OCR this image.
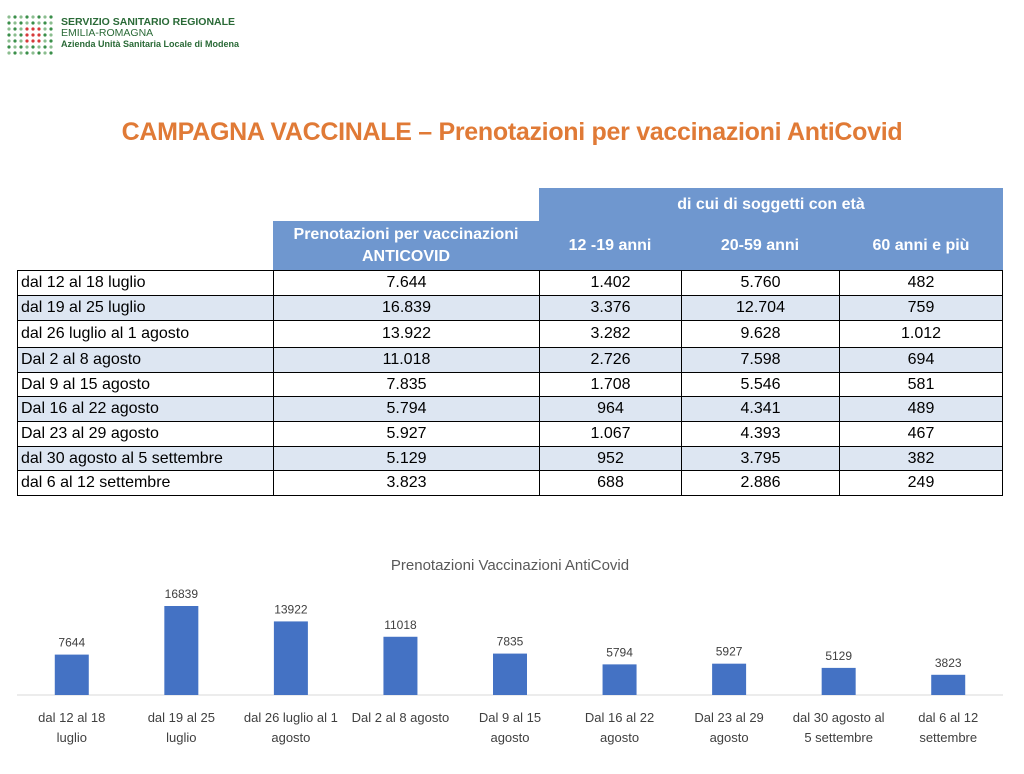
SERVIZIO SANITARIO REGIONALE
EMILIA-ROMAGNA
Azienda Unità Sanitaria Locale di Modena
CAMPAGNA VACCINALE – Prenotazioni per vaccinazioni AntiCovid
di cui di soggetti con età
Prenotazioni per vaccinazioni
ANTICOVID
12 -19 anni	20-59 anni	60 anni e più
dal 12 al 18 luglio	7.644	1.402	5.760	482
dal 19 al 25 luglio	16.839	3.376	12.704	759
dal 26 luglio al 1 agosto	13.922	3.282	9.628	1.012
Dal 2 al 8 agosto	11.018	2.726	7.598	694
Dal 9 al 15 agosto	7.835	1.708	5.546	581
Dal 16 al 22 agosto	5.794	964	4.341	489
Dal 23 al 29 agosto	5.927	1.067	4.393	467
dal 30 agosto al 5 settembre	5.129	952	3.795	382
dal 6 al 12 settembre	3.823	688	2.886	249
Prenotazioni Vaccinazioni AntiCovid
7644
dal 12 al 18 luglio
16839
dal 19 al 25 luglio
13922
dal 26 luglio al 1 agosto
11018
Dal 2 al 8 agosto
7835
Dal 9 al 15 agosto
5794
Dal 16 al 22 agosto
5927
Dal 23 al 29 agosto
5129
dal 30 agosto al 5 settembre
3823
dal 6 al 12 settembre
